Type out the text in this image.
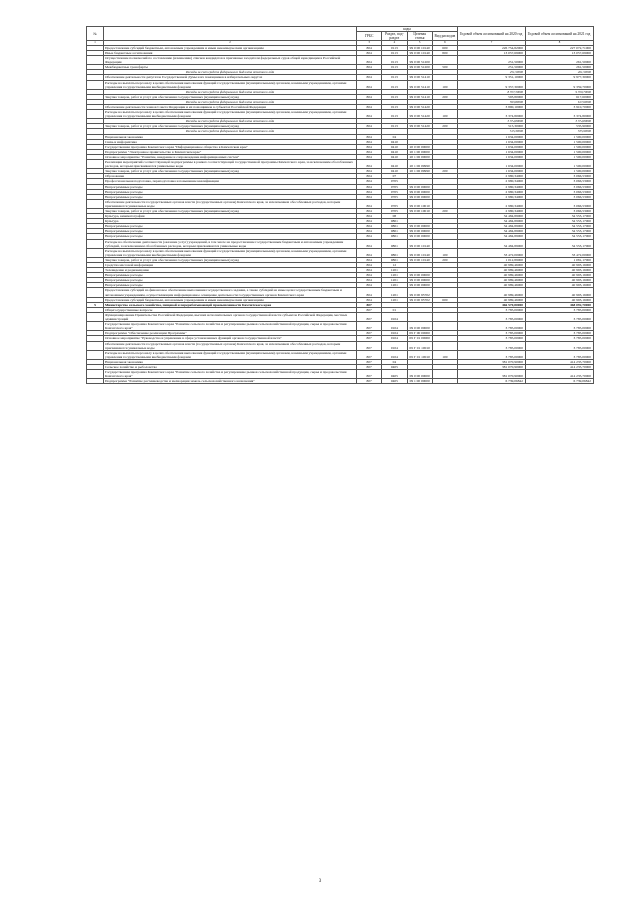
№		коды				Годовой объем ассигнований на 2020 год	Годовой объем ассигнований на 2021 год
		ГРБС	Раздел, под- раздел	Целевая статья	Вид расходов		
1	2	3	4	5	6	7	8
	Предоставление субсидий бюджетным, автономным учреждениям и иным некоммерческим организациям	804	0113	99 0 00 10140	600	226 754,82000	227 072,71000
	Иные бюджетные ассигнования	804	0113	99 0 00 10140	800	13 057,69000	13 057,69000
	Осуществление полномочий по составлению (изменению) списков кандидатов в присяжные заседатели федеральных судов общей юрисдикции в Российской Федерации	804	0113	99 0 00 51200		251,50000	261,50000
	Межбюджетные трансферты	804	0113	99 0 00 51200	500	251,50000	261,50000
	Расходы за счет средств федерального бюджета отчетного года					251,50000	261,50000
	Обеспечение деятельности депутатов Государственной Думы и их помощников в избирательных округах	804	0113	99 0 00 51410		9 351,10000	9 977,30000
	Расходы на выплаты персоналу в целях обеспечения выполнения функций государственными (муниципальными) органами, казенными учреждениями, органами управления государственными внебюджетными фондами	804	0113	99 0 00 51410	100	9 357,30000	9 359,70000
	Расходы за счет средств федерального бюджета отчетного года					8 357,30000	9 359,70000
	Закупка товаров, работ и услуг для обеспечения государственных (муниципальных) нужд	804	0113	99 0 00 51410	200	593,80000	617,60000
	Расходы за счет средств федерального бюджета отчетного года					593,80000	617,60000
	Обеспечение деятельности членов Совета Федерации и их помощников в субъектах Российской Федерации	804	0113	99 0 00 51420		3 890,10000	3 910,70000
	Расходы на выплаты персоналу в целях обеспечения выполнения функций государственными (муниципальными) органами, казенными учреждениями, органами управления государственными внебюджетными фондами	804	0113	99 0 00 51420	100	3 374,80000	3 374,80000
	Расходы за счет средств федерального бюджета отчетного года					3 374,80000	3 374,80000
	Закупка товаров, работ и услуг для обеспечения государственных (муниципальных) нужд	804	0113	99 0 00 51420	200	515,30000	535,90000
	Расходы за счет средств федерального бюджета отчетного года					515,30000	535,90000
	Национальная экономика	804	04			1 634,00000	1 500,00000
	Связь и информатика	804	0410			1 634,00000	1 500,00000
	Государственная программа Камчатского края "Информационное общество в Камчатском крае"	804	0410	20 0 00 00000		1 634,00000	1 500,00000
	Подпрограмма "Электронное правительство в Камчатском крае"	804	0410	20 1 00 00000		1 634,00000	1 500,00000
	Основное мероприятие "Развитие, внедрение и сопровождение информационных систем"	804	0410	20 1 06 00000		1 634,00000	1 500,00000
	Реализация мероприятий соответствующей подпрограммы в рамках соответствующей государственной программы Камчатского края, за исключением обособленных расходов, которым присваиваются уникальные коды	804	0410	20 1 06 09990		1 634,00000	1 500,00000
	Закупка товаров, работ и услуг для обеспечения государственных (муниципальных) нужд	804	0410	20 1 06 09990	200	1 634,00000	1 500,00000
	Образование	804	07			2 980,34000	3 066,53000
	Профессиональная подготовка, переподготовка и повышение квалификации	804	0705			2 980,34000	3 066,53000
	Непрограммные расходы	804	0705	99 0 00 00000		2 980,34000	3 066,53000
	Непрограммные расходы	804	0705	99 0 00 00000		2 980,34000	3 066,53000
	Непрограммные расходы	804	0705	99 0 00 00000		2 980,34000	3 066,53000
	Обеспечение деятельности государственных органов власти (государственных органов) Камчатского края, за исключением обособленных расходов, которым присваиваются уникальные коды	804	0705	99 0 00 10010		2 980,34000	3 066,53000
	Закупка товаров, работ и услуг для обеспечения государственных (муниципальных) нужд	804	0705	99 0 00 10010	200	2 980,34000	3 066,53000
	Культура, кинематография	804	08			34 484,89000	34 553,17000
	Культура	804	0801			34 484,89000	34 553,17000
	Непрограммные расходы	804	0801	99 0 00 00000		34 484,89000	34 553,17000
	Непрограммные расходы	804	0801	99 0 00 00000		34 484,89000	34 553,17000
	Непрограммные расходы	804	0801	99 0 00 00000		34 484,89000	34 553,17000
	Расходы на обеспечение деятельности (оказание услуг) учреждений, в том числе на предоставление государственным бюджетным и автономным учреждениям субсидий, за исключением обособленных расходов, которым присваиваются уникальные коды	804	0801	99 0 00 10140		34 484,89000	34 553,17000
	Расходы на выплаты персоналу в целях обеспечения выполнения функций государственными (муниципальными) органами, казенными учреждениями, органами управления государственными внебюджетными фондами	804	0801	99 0 00 10140	100	33 472,00000	33 472,00000
	Закупка товаров, работ и услуг для обеспечения государственных (муниципальных) нужд	804	0801	99 0 00 10140	200	1 012,89000	1 081,17000
	Средства массовой информации	804	12			40 989,46000	40 993,16000
	Телевидение и радиовещание	804	1201			40 989,46000	40 993,16000
	Непрограммные расходы	804	1201	99 0 00 00000		40 989,46000	40 993,16000
	Непрограммные расходы	804	1201	99 0 00 00000		40 989,46000	40 993,16000
	Непрограммные расходы	804	1201	99 0 00 00000		40 989,46000	40 993,16000
	Предоставление субсидий на финансовое обеспечение выполнения государственного задания, а также субсидий на иные цели государственным бюджетным и автономным учреждениям, осуществляющим информационное освещение деятельности государственных органов Камчатского края	804	1201	99 0 00 95702		40 989,46000	40 993,16000
	Предоставление субсидий бюджетным, автономным учреждениям и иным некоммерческим организациям	804	1201	99 0 00 95702	600	40 989,46000	40 993,16000
5	Министерство сельского хозяйства, пищевой и перерабатывающей промышленности Камчатского края	807				466 570,80000	468 092,70000
	Общегосударственные вопросы	807	01			3 785,00000	3 785,00000
	Функционирование Правительства Российской Федерации, высших исполнительных органов государственной власти субъектов Российской Федерации, местных администраций	807	0104			3 785,00000	3 785,00000
	Государственная программа Камчатского края "Развитие сельского хозяйства и регулирование рынков сельскохозяйственной продукции, сырья и продовольствия Камчатского края"	807	0104	09 0 00 00000		3 785,00000	3 785,00000
	Подпрограмма "Обеспечение реализации Программы"	807	0104	09 Г 00 00000		3 785,00000	3 785,00000
	Основное мероприятие "Руководство и управление в сфере установленных функций органов государственной власти"	807	0104	09 Г 01 00000		3 785,00000	3 785,00000
	Обеспечение деятельности государственных органов власти (государственных органов) Камчатского края, за исключением обособленных расходов, которым присваиваются уникальные коды	807	0104	09 Г 01 10010		3 785,00000	3 785,00000
	Расходы на выплаты персоналу в целях обеспечения выполнения функций государственными (муниципальными) органами, казенными учреждениями, органами управления государственными внебюджетными фондами	807	0104	09 Г 01 10010	100	3 785,00000	3 785,00000
	Национальная экономика	807	04			381 070,90000	414 235,70000
	Сельское хозяйство и рыболовство	807	0405			381 070,90000	414 235,70000
	Государственная программа Камчатского края "Развитие сельского хозяйства и регулирование рынков сельскохозяйственной продукции, сырья и продовольствия Камчатского края"	807	0405	09 0 00 00000		381 070,90000	414 235,70000
	Подпрограмма "Развитие растениеводства и мелиорация земель сельскохозяйственного назначения"	807	0405	09 1 00 00000		6 739,06842	6 739,06842
3
